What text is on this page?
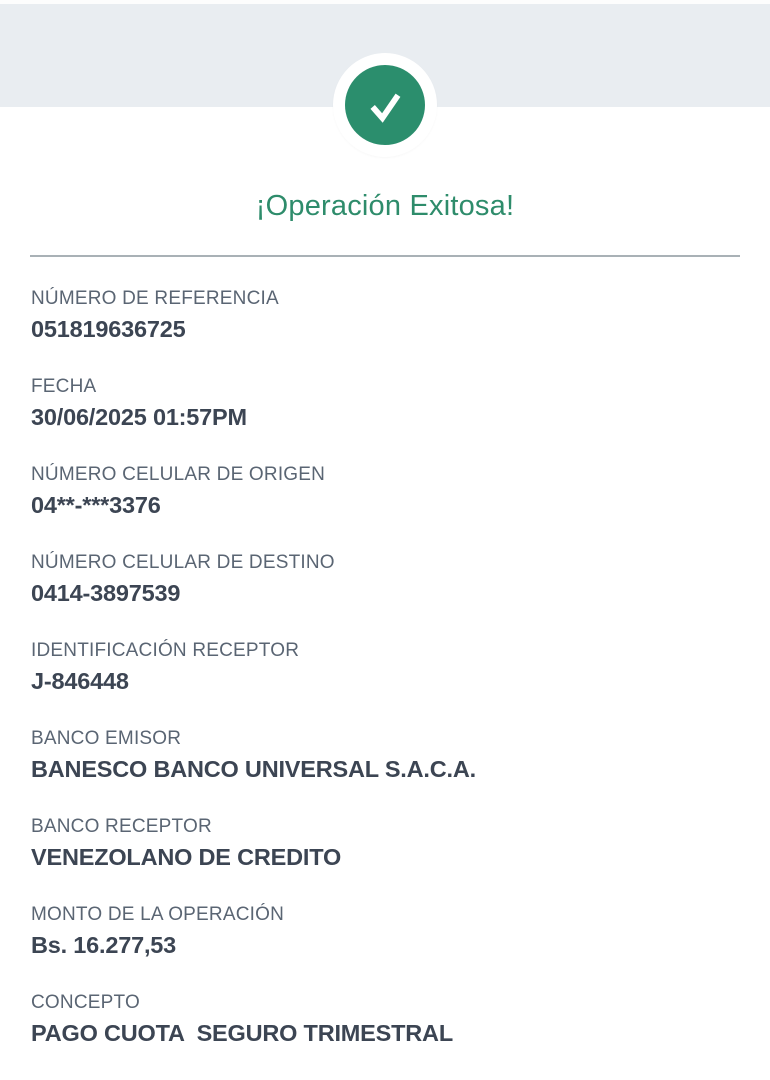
¡Operación Exitosa!
NÚMERO DE REFERENCIA
051819636725
FECHA
30/06/2025 01:57PM
NÚMERO CELULAR DE ORIGEN
04**-***3376
NÚMERO CELULAR DE DESTINO
0414-3897539
IDENTIFICACIÓN RECEPTOR
J-846448
BANCO EMISOR
BANESCO BANCO UNIVERSAL S.A.C.A.
BANCO RECEPTOR
VENEZOLANO DE CREDITO
MONTO DE LA OPERACIÓN
Bs. 16.277,53
CONCEPTO
PAGO CUOTA  SEGURO TRIMESTRAL
